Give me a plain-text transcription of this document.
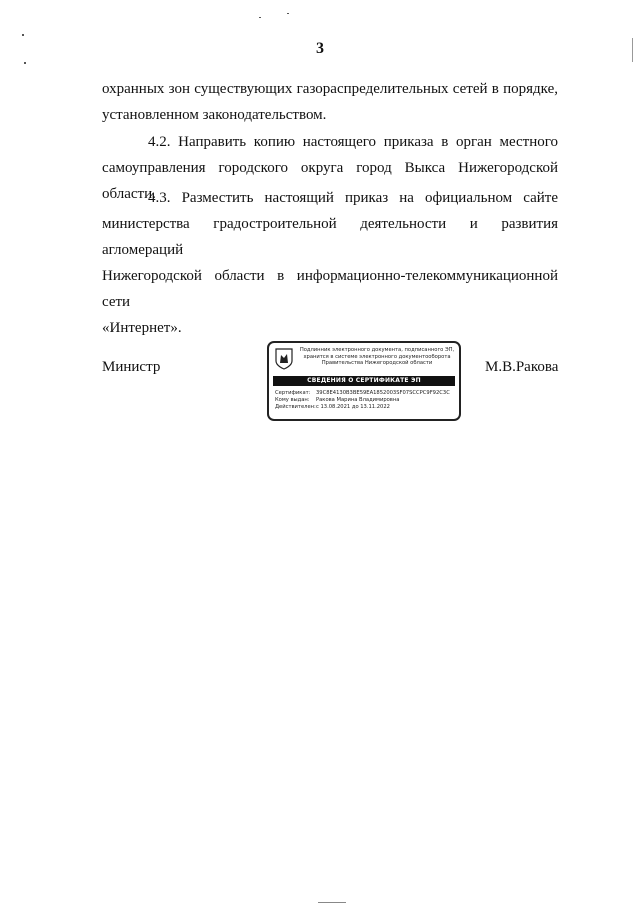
3

охранных зон существующих газораспределительных сетей в порядке,
установленном законодательством.

4.2. Направить копию настоящего приказа в орган местного
самоуправления городского округа город Выкса Нижегородской области.

4.3. Разместить настоящий приказ на официальном сайте
министерства градостроительной деятельности и развития агломераций
Нижегородской области в информационно-телекоммуникационной сети
«Интернет».

Министр
Подлинник электронного документа, подписанного ЭП,
хранится в системе электронного документооборота
Правительства Нижегородской области
СВЕДЕНИЯ О СЕРТИФИКАТЕ ЭП
Сертификат: 39C8E4130B3BE59EA1852003SF07SCCPC9F92C3C
Кому выдан: Ракова Марина Владимировна
Действителен:с 13.08.2021 до 13.11.2022
М.В.Ракова
